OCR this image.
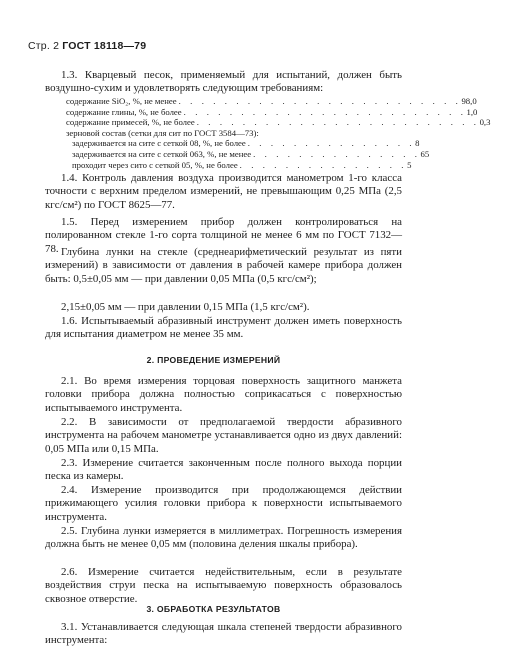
Стр. 2 ГОСТ 18118—79

1.3. Кварцевый песок, применяемый для испытаний, должен быть воздушно-сухим и удовлетворять следующим требованиям:

содержание SiO₂, %, не менее . . . . . . . . . . . . . . . . . . . . . . . . . 98,0
содержание глины, %, не более . . . . . . . . . . . . . . . . . . . . . . . . . 1,0
содержание примесей, %, не более . . . . . . . . . . . . . . . . . . . . . . . . . 0,3
зерновой состав (сетки для сит по ГОСТ 3584—73):
задерживается на сите с сеткой 08, %, не более . . . . . . . . . . . . . . . 8
задерживается на сите с сеткой 063, %, не менее . . . . . . . . . . . . . . . 65
проходит через сито с сеткой 05, %, не более . . . . . . . . . . . . . . . 5

1.4. Контроль давления воздуха производится манометром 1-го класса точности с верхним пределом измерений, не превышающим 0,25 МПа (2,5 кгс/см²) по ГОСТ 8625—77.

1.5. Перед измерением прибор должен контролироваться на полированном стекле 1-го сорта толщиной не менее 6 мм по ГОСТ 7132—78. Глубина лунки на стекле (среднеарифметический результат из пяти измерений) в зависимости от давления в рабочей камере прибора должен быть: 0,5±0,05 мм — при давлении 0,05 МПа (0,5 кгс/см²);

2,15±0,05 мм — при давлении 0,15 МПа (1,5 кгс/см²).

1.6. Испытываемый абразивный инструмент должен иметь поверхность для испытания диаметром не менее 35 мм.

2. ПРОВЕДЕНИЕ ИЗМЕРЕНИЙ

2.1. Во время измерения торцовая поверхность защитного манжета головки прибора должна полностью соприкасаться с поверхностью испытываемого инструмента.

2.2. В зависимости от предполагаемой твердости абразивного инструмента на рабочем манометре устанавливается одно из двух давлений: 0,05 МПа или 0,15 МПа.

2.3. Измерение считается законченным после полного выхода порции песка из камеры.

2.4. Измерение производится при продолжающемся действии прижимающего усилия головки прибора к поверхности испытываемого инструмента.

2.5. Глубина лунки измеряется в миллиметрах. Погрешность измерения должна быть не менее 0,05 мм (половина деления шкалы прибора).

2.6. Измерение считается недействительным, если в результате воздействия струи песка на испытываемую поверхность образовалось сквозное отверстие.

3. ОБРАБОТКА РЕЗУЛЬТАТОВ

3.1. Устанавливается следующая шкала степеней твердости абразивного инструмента:
